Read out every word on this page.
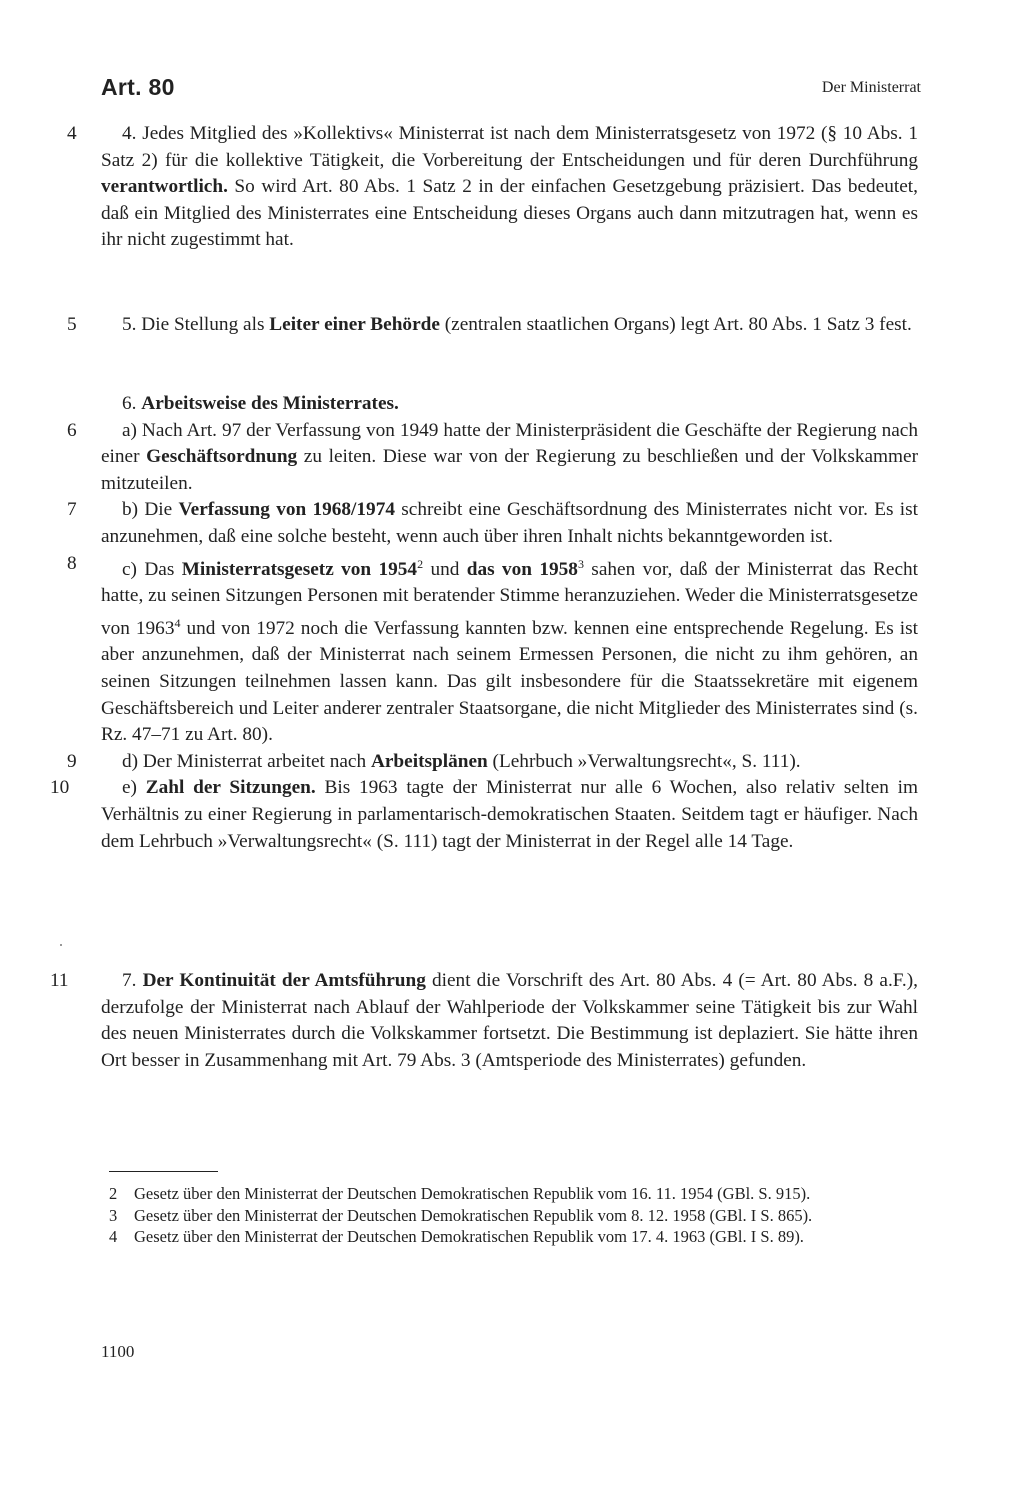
Art. 80	Der Ministerrat

4 4. Jedes Mitglied des »Kollektivs« Ministerrat ist nach dem Ministerratsgesetz von 1972 (§ 10 Abs. 1 Satz 2) für die kollektive Tätigkeit, die Vorbereitung der Entscheidungen und für deren Durchführung verantwortlich. So wird Art. 80 Abs. 1 Satz 2 in der einfachen Gesetzgebung präzisiert. Das bedeutet, daß ein Mitglied des Ministerrates eine Entscheidung dieses Organs auch dann mitzutragen hat, wenn es ihr nicht zugestimmt hat.

5 5. Die Stellung als Leiter einer Behörde (zentralen staatlichen Organs) legt Art. 80 Abs. 1 Satz 3 fest.

6. Arbeitsweise des Ministerrates.

6 a) Nach Art. 97 der Verfassung von 1949 hatte der Ministerpräsident die Geschäfte der Regierung nach einer Geschäftsordnung zu leiten. Diese war von der Regierung zu beschließen und der Volkskammer mitzuteilen.

7 b) Die Verfassung von 1968/1974 schreibt eine Geschäftsordnung des Ministerrates nicht vor. Es ist anzunehmen, daß eine solche besteht, wenn auch über ihren Inhalt nichts bekanntgeworden ist.

8 c) Das Ministerratsgesetz von 1954$^2$ und das von 1958$^3$ sahen vor, daß der Ministerrat das Recht hatte, zu seinen Sitzungen Personen mit beratender Stimme heranzuziehen. Weder die Ministerratsgesetze von 1963$^4$ und von 1972 noch die Verfassung kannten bzw. kennen eine entsprechende Regelung. Es ist aber anzunehmen, daß der Ministerrat nach seinem Ermessen Personen, die nicht zu ihm gehören, an seinen Sitzungen teilnehmen lassen kann. Das gilt insbesondere für die Staatssekretäre mit eigenem Geschäftsbereich und Leiter anderer zentraler Staatsorgane, die nicht Mitglieder des Ministerrates sind (s. Rz. 47–71 zu Art. 80).

9 d) Der Ministerrat arbeitet nach Arbeitsplänen (Lehrbuch »Verwaltungsrecht«, S. 111).

10	e) Zahl der Sitzungen. Bis 1963 tagte der Ministerrat nur alle 6 Wochen, also relativ selten im Verhältnis zu einer Regierung in parlamentarisch-demokratischen Staaten. Seitdem tagt er häufiger. Nach dem Lehrbuch »Verwaltungsrecht« (S. 111) tagt der Ministerrat in der Regel alle 14 Tage.

11	7. Der Kontinuität der Amtsführung dient die Vorschrift des Art. 80 Abs. 4 (= Art. 80 Abs. 8 a.F.), derzufolge der Ministerrat nach Ablauf der Wahlperiode der Volkskammer seine Tätigkeit bis zur Wahl des neuen Ministerrates durch die Volkskammer fortsetzt. Die Bestimmung ist deplaziert. Sie hätte ihren Ort besser in Zusammenhang mit Art. 79 Abs. 3 (Amtsperiode des Ministerrates) gefunden.

2 Gesetz über den Ministerrat der Deutschen Demokratischen Republik vom 16. 11. 1954 (GBl. S. 915).

3 Gesetz über den Ministerrat der Deutschen Demokratischen Republik vom 8. 12. 1958 (GBl. I S. 865).

4 Gesetz über den Ministerrat der Deutschen Demokratischen Republik vom 17. 4. 1963 (GBl. I S. 89).

1100
